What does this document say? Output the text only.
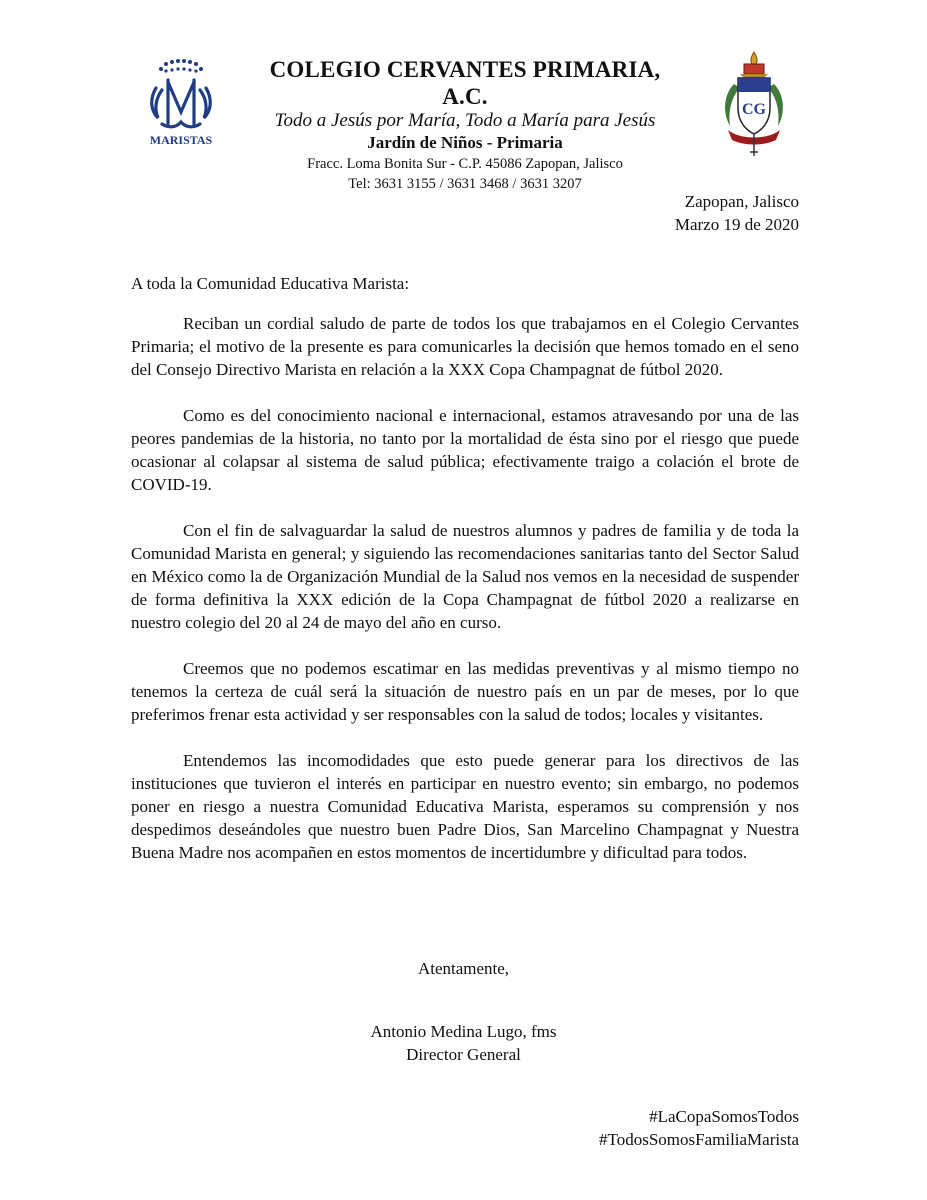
MARISTAS
COLEGIO CERVANTES PRIMARIA, A.C.
Todo a Jesús por María, Todo a María para Jesús
Jardín de Niños - Primaria
Fracc. Loma Bonita Sur - C.P. 45086 Zapopan, Jalisco
Tel: 3631 3155 / 3631 3468 / 3631 3207
CG
Zapopan, Jalisco
Marzo 19 de 2020

A toda la Comunidad Educativa Marista:

Reciban un cordial saludo de parte de todos los que trabajamos en el Colegio Cervantes Primaria; el motivo de la presente es para comunicarles la decisión que hemos tomado en el seno del Consejo Directivo Marista en relación a la XXX Copa Champagnat de fútbol 2020.

Como es del conocimiento nacional e internacional, estamos atravesando por una de las peores pandemias de la historia, no tanto por la mortalidad de ésta sino por el riesgo que puede ocasionar al colapsar al sistema de salud pública; efectivamente traigo a colación el brote de COVID-19.

Con el fin de salvaguardar la salud de nuestros alumnos y padres de familia y de toda la Comunidad Marista en general; y siguiendo las recomendaciones sanitarias tanto del Sector Salud en México como la de Organización Mundial de la Salud nos vemos en la necesidad de suspender de forma definitiva la XXX edición de la Copa Champagnat de fútbol 2020 a realizarse en nuestro colegio del 20 al 24 de mayo del año en curso.

Creemos que no podemos escatimar en las medidas preventivas y al mismo tiempo no tenemos la certeza de cuál será la situación de nuestro país en un par de meses, por lo que preferimos frenar esta actividad y ser responsables con la salud de todos; locales y visitantes.

Entendemos las incomodidades que esto puede generar para los directivos de las instituciones que tuvieron el interés en participar en nuestro evento; sin embargo, no podemos poner en riesgo a nuestra Comunidad Educativa Marista, esperamos su comprensión y nos despedimos deseándoles que nuestro buen Padre Dios, San Marcelino Champagnat y Nuestra Buena Madre nos acompañen en estos momentos de incertidumbre y dificultad para todos.

Atentamente,
Antonio Medina Lugo, fms
Director General
#LaCopaSomosTodos
#TodosSomosFamiliaMarista
